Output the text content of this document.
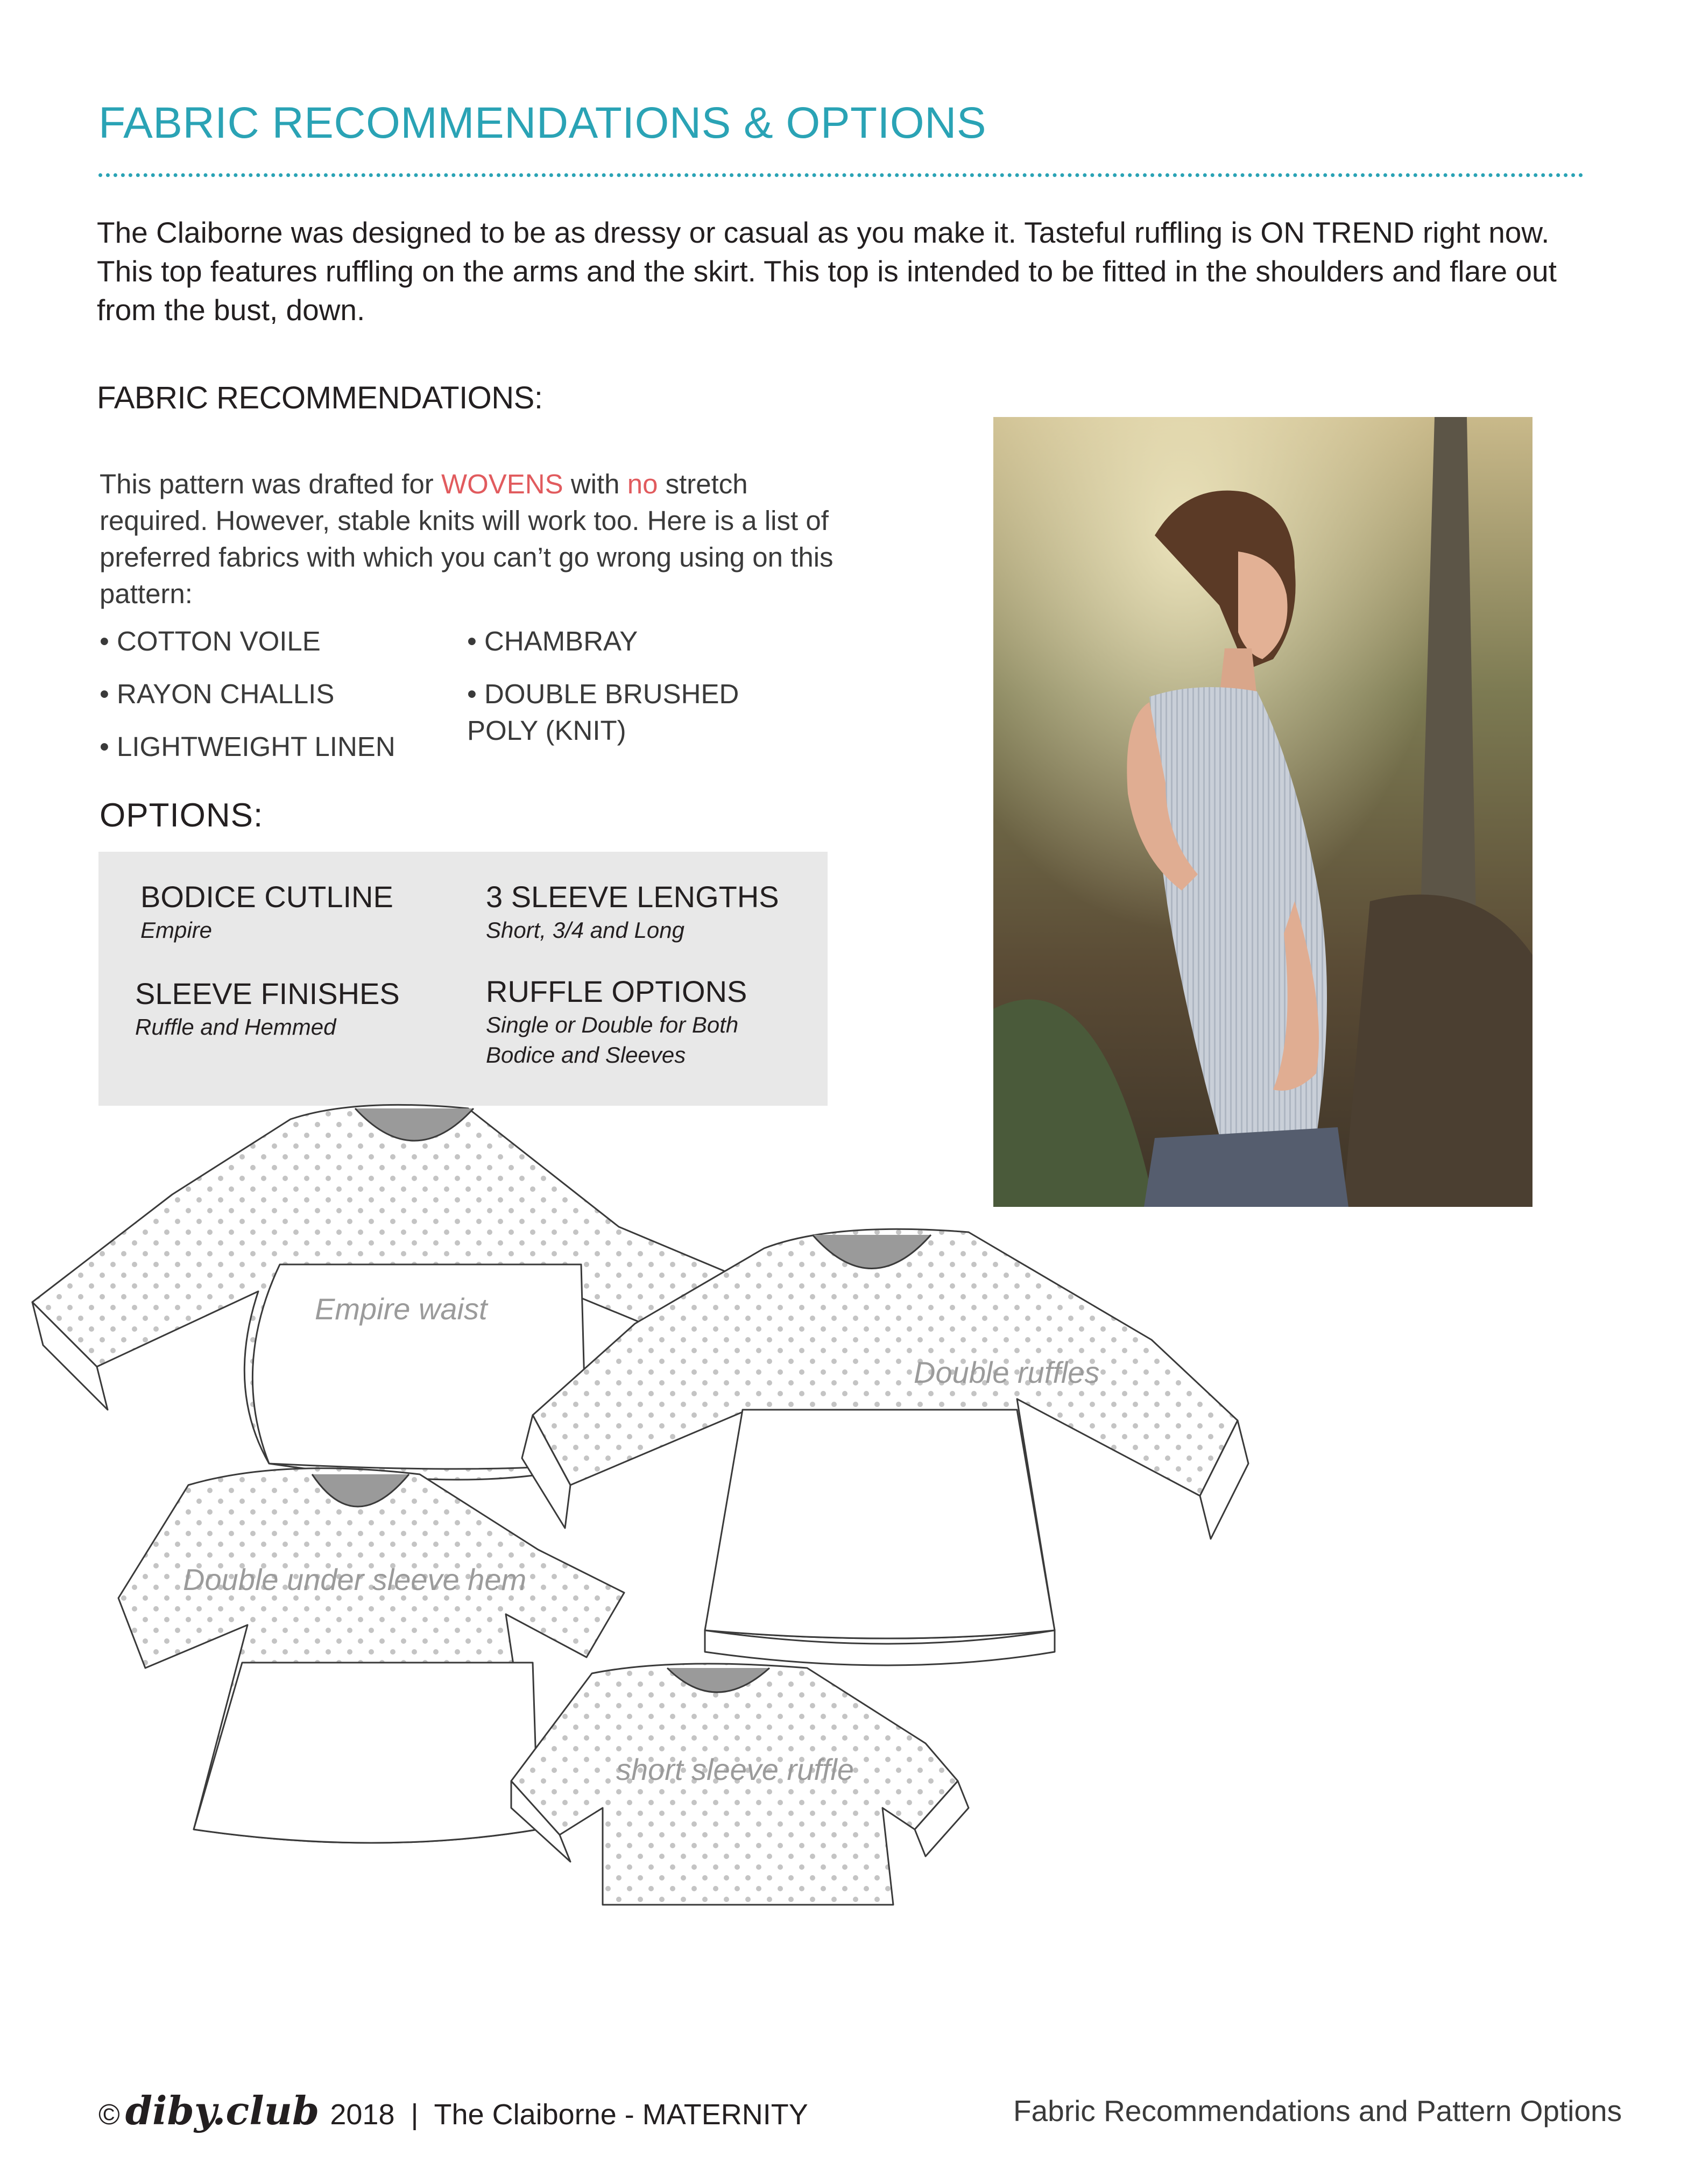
FABRIC RECOMMENDATIONS & OPTIONS
The Claiborne was designed to be as dressy or casual as you make it. Tasteful ruffling is ON TREND right now. This top features ruffling on the arms and the skirt. This top is intended to be fitted in the shoulders and flare out from the bust, down.
FABRIC RECOMMENDATIONS:
This pattern was drafted for WOVENS with no stretch required. However, stable knits will work too. Here is a list of preferred fabrics with which you can’t go wrong using on this pattern:
• COTTON VOILE
• RAYON CHALLIS
• LIGHTWEIGHT LINEN
• CHAMBRAY
• DOUBLE BRUSHED POLY (KNIT)
OPTIONS:
BODICE CUTLINE
Empire
3 SLEEVE LENGTHS
Short, 3/4 and Long
SLEEVE FINISHES
Ruffle and Hemmed
RUFFLE OPTIONS
Single or Double for Both Bodice and Sleeves
Empire waist
Double ruffles
Double under sleeve hem
short sleeve ruffle
© diby.club 2018  |  The Claiborne - MATERNITY	Fabric Recommendations and Pattern Options
